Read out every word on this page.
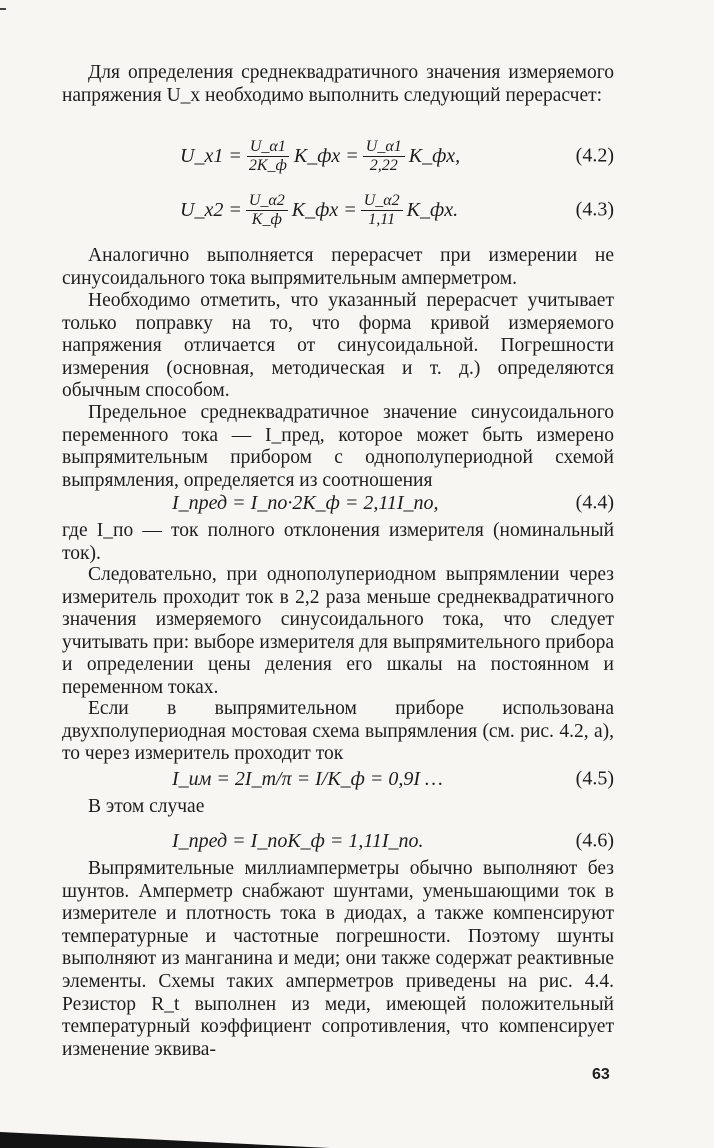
Для определения среднеквадратичного значения измеряемого напряжения U_x необходимо выполнить следующий перерасчет:

U_x1 = $\frac{U\_\alpha 1}{2K\_ф}$ K_фx = $\frac{U\_\alpha 1}{2,22}$ K_фx,	(4.2)
U_x2 = $\frac{U\_\alpha 2}{K\_ф}$ K_фx = $\frac{U\_\alpha 2}{1,11}$ K_фx.	(4.3)

Аналогично выполняется перерасчет при измерении не синусоидального тока выпрямительным амперметром.

Необходимо отметить, что указанный перерасчет учитывает только поправку на то, что форма кривой измеряемого напряжения отличается от синусоидальной. Погрешности измерения (основная, методическая и т. д.) определяются обычным способом.

Предельное среднеквадратичное значение синусоидального переменного тока — I_пред, которое может быть измерено выпрямительным прибором с однополупериодной схемой выпрямления, определяется из соотношения

I_пред = I_по·2K_ф = 2,11I_по,	(4.4)

где I_по — ток полного отклонения измерителя (номинальный ток).

Следовательно, при однополупериодном выпрямлении через измеритель проходит ток в 2,2 раза меньше среднеквадратичного значения измеряемого синусоидального тока, что следует учитывать при: выборе измерителя для выпрямительного прибора и определении цены деления его шкалы на постоянном и переменном токах.

Если в выпрямительном приборе использована двухполупериодная мостовая схема выпрямления (см. рис. 4.2, а), то через измеритель проходит ток

I_им = 2I_m/π = I/K_ф = 0,9I …	(4.5)

В этом случае

I_пред = I_поK_ф = 1,11I_по.	(4.6)

Выпрямительные миллиамперметры обычно выполняют без шунтов. Амперметр снабжают шунтами, уменьшающими ток в измерителе и плотность тока в диодах, а также компенсируют температурные и частотные погрешности. Поэтому шунты выполняют из манганина и меди; они также содержат реактивные элементы. Схемы таких амперметров приведены на рис. 4.4. Резистор R_t выполнен из меди, имеющей положительный температурный коэффициент сопротивления, что компенсирует изменение эквива-

63
